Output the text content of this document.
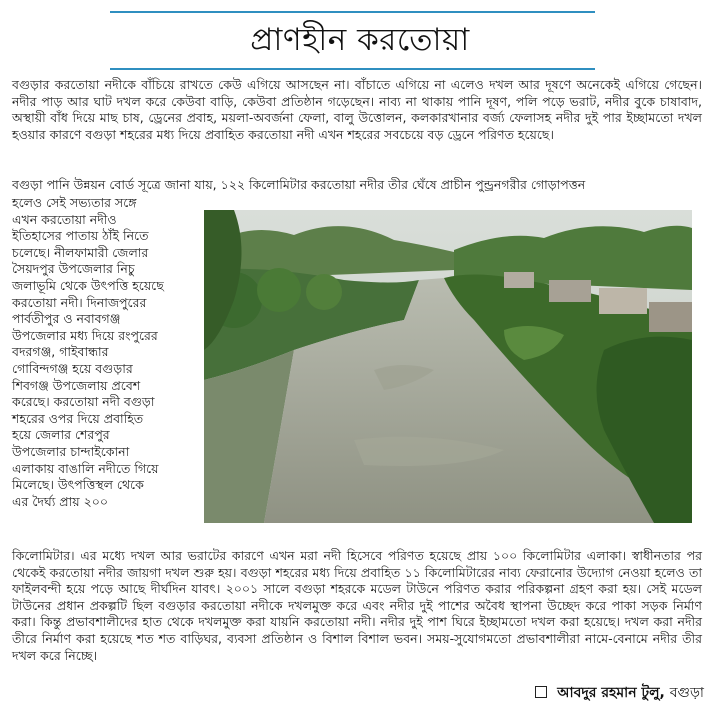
প্রাণহীন করতোয়া
বগুড়ার করতোয়া নদীকে বাঁচিয়ে রাখতে কেউ এগিয়ে আসছেন না। বাঁচাতে এগিয়ে না এলেও দখল আর দূষণে অনেকেই এগিয়ে গেছেন। নদীর পাড় আর ঘাট দখল করে কেউবা বাড়ি, কেউবা প্রতিষ্ঠান গড়েছেন। নাব্য না থাকায় পানি দূষণ, পলি পড়ে ভরাট, নদীর বুকে চাষাবাদ, অস্থায়ী বাঁধ দিয়ে মাছ চাষ, ড্রেনের প্রবাহ, ময়লা-অবর্জনা ফেলা, বালু উত্তোলন, কলকারখানার বর্জ্য ফেলাসহ নদীর দুই পার ইচ্ছামতো দখল হওয়ার কারণে বগুড়া শহরের মধ্য দিয়ে প্রবাহিত করতোয়া নদী এখন শহরের সবচেয়ে বড় ড্রেনে পরিণত হয়েছে।
বগুড়া পানি উন্নয়ন বোর্ড সূত্রে জানা যায়, ১২২ কিলোমিটার করতোয়া নদীর তীর ঘেঁষে প্রাচীন পুন্ড্রনগরীর গোড়াপত্তন
হলেও সেই সভ্যতার সঙ্গে
এখন করতোয়া নদীও
ইতিহাসের পাতায় ঠাঁই নিতে
চলেছে। নীলফামারী জেলার
সৈয়দপুর উপজেলার নিচু
জলাভূমি থেকে উৎপত্তি হয়েছে
করতোয়া নদী। দিনাজপুরের
পার্বতীপুর ও নবাবগঞ্জ
উপজেলার মধ্য দিয়ে রংপুরের
বদরগঞ্জ, গাইবান্ধার
গোবিন্দগঞ্জ হয়ে বগুড়ার
শিবগঞ্জ উপজেলায় প্রবেশ
করেছে। করতোয়া নদী বগুড়া
শহরের ওপর দিয়ে প্রবাহিত
হয়ে জেলার শেরপুর
উপজেলার চান্দাইকোনা
এলাকায় বাঙালি নদীতে গিয়ে
মিলেছে। উৎপত্তিস্থল থেকে
এর দৈর্ঘ্য প্রায় ২০০
কিলোমিটার। এর মধ্যে দখল আর ভরাটের কারণে এখন মরা নদী হিসেবে পরিণত হয়েছে প্রায় ১০০ কিলোমিটার এলাকা। স্বাধীনতার পর থেকেই করতোয়া নদীর জায়গা দখল শুরু হয়। বগুড়া শহরের মধ্য দিয়ে প্রবাহিত ১১ কিলোমিটারের নাব্য ফেরানোর উদ্যোগ নেওয়া হলেও তা ফাইলবন্দী হয়ে পড়ে আছে দীর্ঘদিন যাবৎ। ২০০১ সালে বগুড়া শহরকে মডেল টাউনে পরিণত করার পরিকল্পনা গ্রহণ করা হয়। সেই মডেল টাউনের প্রধান প্রকল্পটি ছিল বগুড়ার করতোয়া নদীকে দখলমুক্ত করে এবং নদীর দুই পাশের অবৈধ স্থাপনা উচ্ছেদ করে পাকা সড়ক নির্মাণ করা। কিন্তু প্রভাবশালীদের হাত থেকে দখলমুক্ত করা যায়নি করতোয়া নদী। নদীর দুই পাশ ঘিরে ইচ্ছামতো দখল করা হয়েছে। দখল করা নদীর তীরে নির্মাণ করা হয়েছে শত শত বাড়িঘর, ব্যবসা প্রতিষ্ঠান ও বিশাল বিশাল ভবন। সময়-সুযোগমতো প্রভাবশালীরা নামে-বেনামে নদীর তীর দখল করে নিচ্ছে।
আবদুর রহমান টুলু, বগুড়া
